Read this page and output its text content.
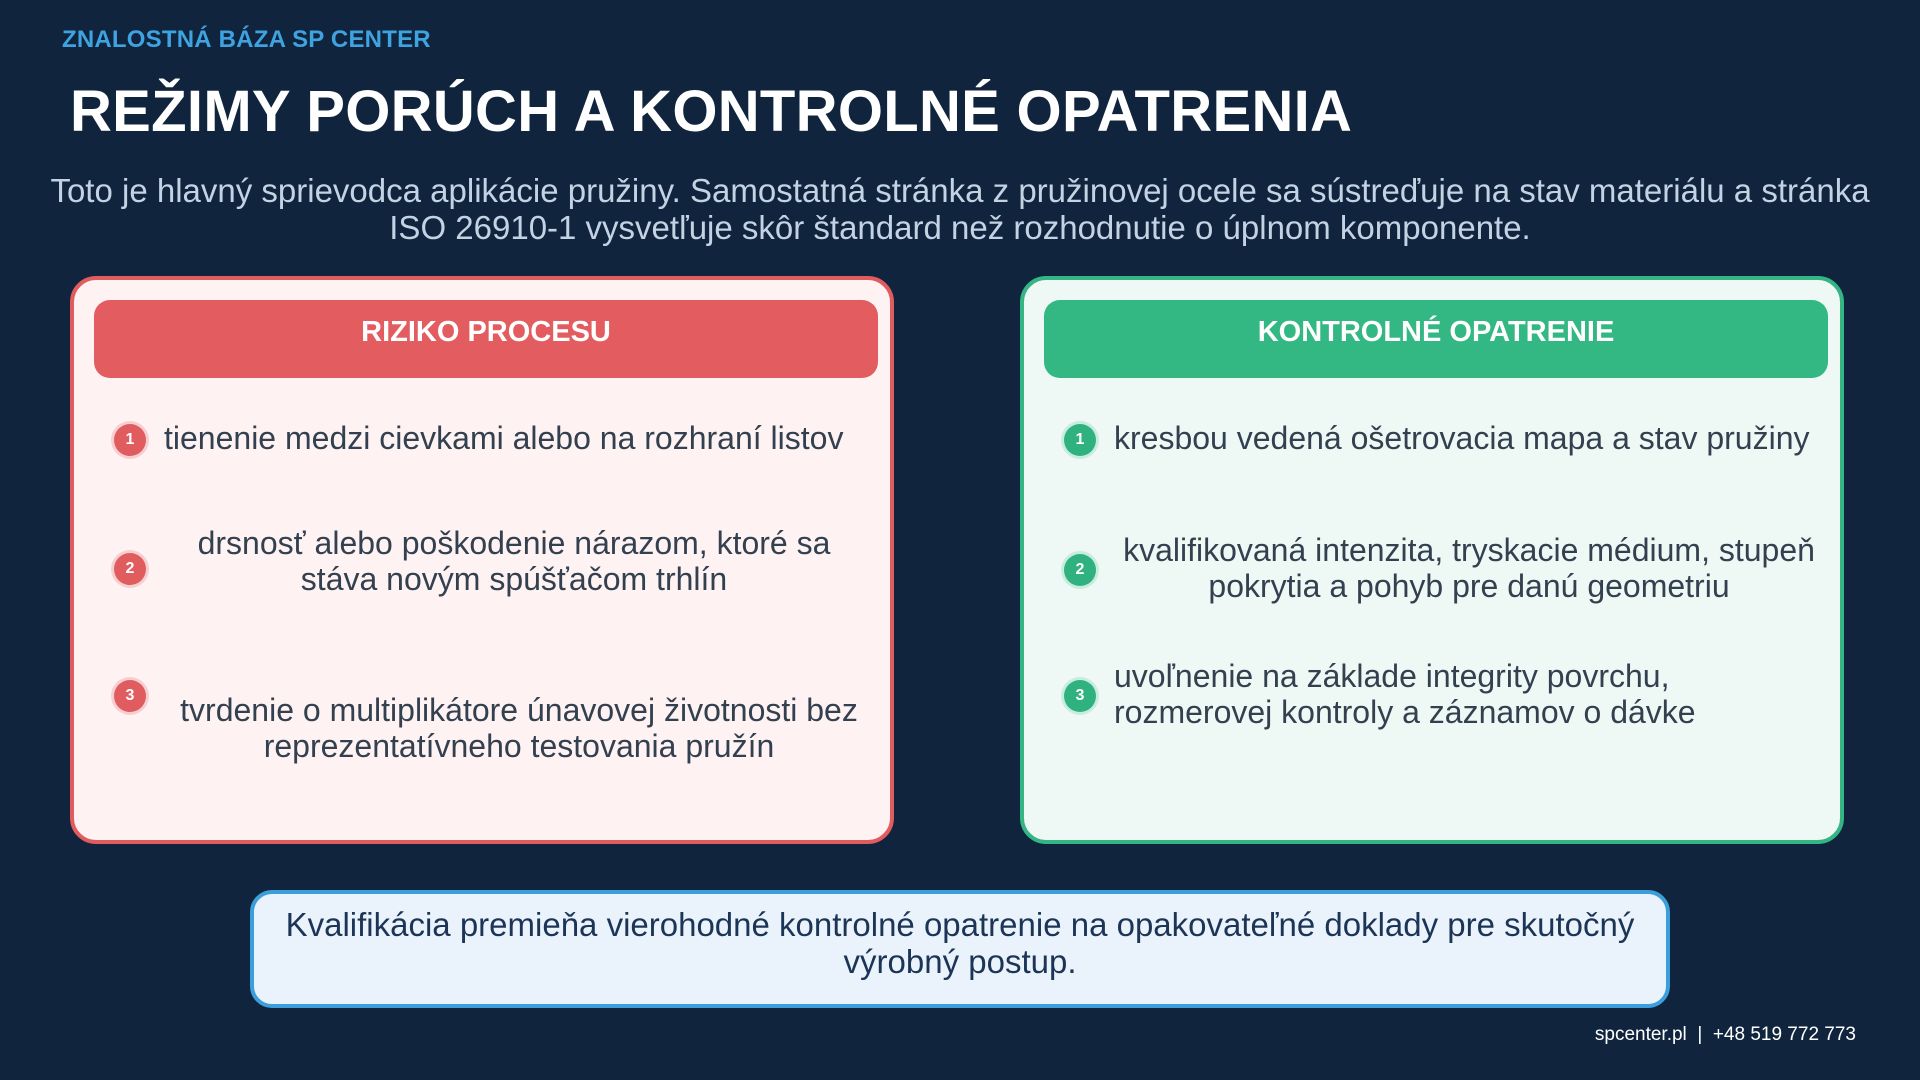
ZNALOSTNÁ BÁZA SP CENTER
REŽIMY PORÚCH A KONTROLNÉ OPATRENIA
Toto je hlavný sprievodca aplikácie pružiny. Samostatná stránka z pružinovej ocele sa sústreďuje na stav materiálu a stránka
ISO 26910-1 vysvetľuje skôr štandard než rozhodnutie o úplnom komponente.
RIZIKO PROCESU
1 tienenie medzi cievkami alebo na rozhraní listov
2
drsnosť alebo poškodenie nárazom, ktoré sa
stáva novým spúšťačom trhlín
3	tvrdenie o multiplikátore únavovej životnosti bez
reprezentatívneho testovania pružín
KONTROLNÉ OPATRENIE
1 kresbou vedená ošetrovacia mapa a stav pružiny
2
kvalifikovaná intenzita, tryskacie médium, stupeň
pokrytia a pohyb pre danú geometriu
3
uvoľnenie na základe integrity povrchu,
rozmerovej kontroly a záznamov o dávke
Kvalifikácia premieňa vierohodné kontrolné opatrenie na opakovateľné doklady pre skutočný
výrobný postup.
spcenter.pl  |  +48 519 772 773
